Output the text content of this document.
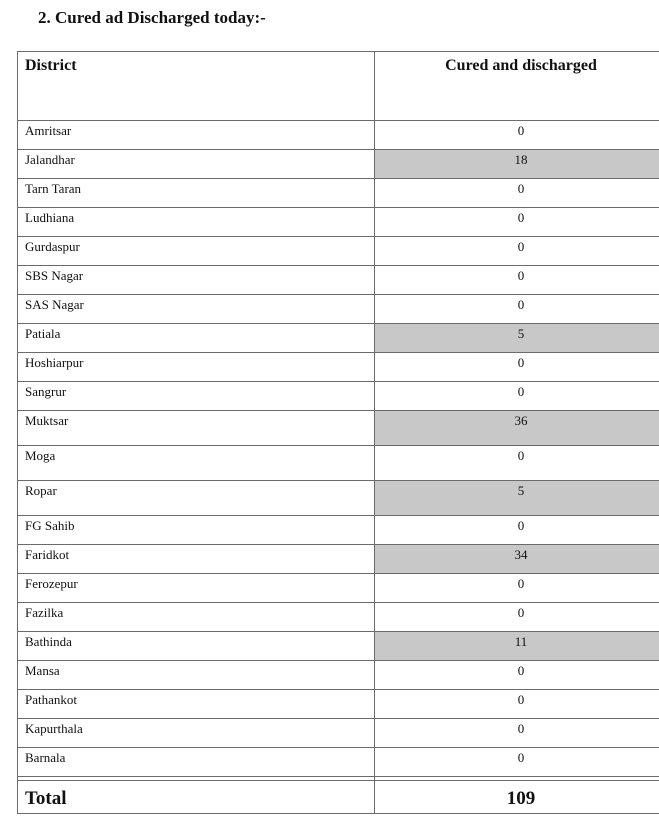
2. Cured ad Discharged today:-
District	Cured and discharged
Amritsar	0
Jalandhar	18
Tarn Taran	0
Ludhiana	0
Gurdaspur	0
SBS Nagar	0
SAS Nagar	0
Patiala	5
Hoshiarpur	0
Sangrur	0
Muktsar	36
Moga	0
Ropar	5
FG Sahib	0
Faridkot	34
Ferozepur	0
Fazilka	0
Bathinda	11
Mansa	0
Pathankot	0
Kapurthala	0
Barnala	0

Total	109
